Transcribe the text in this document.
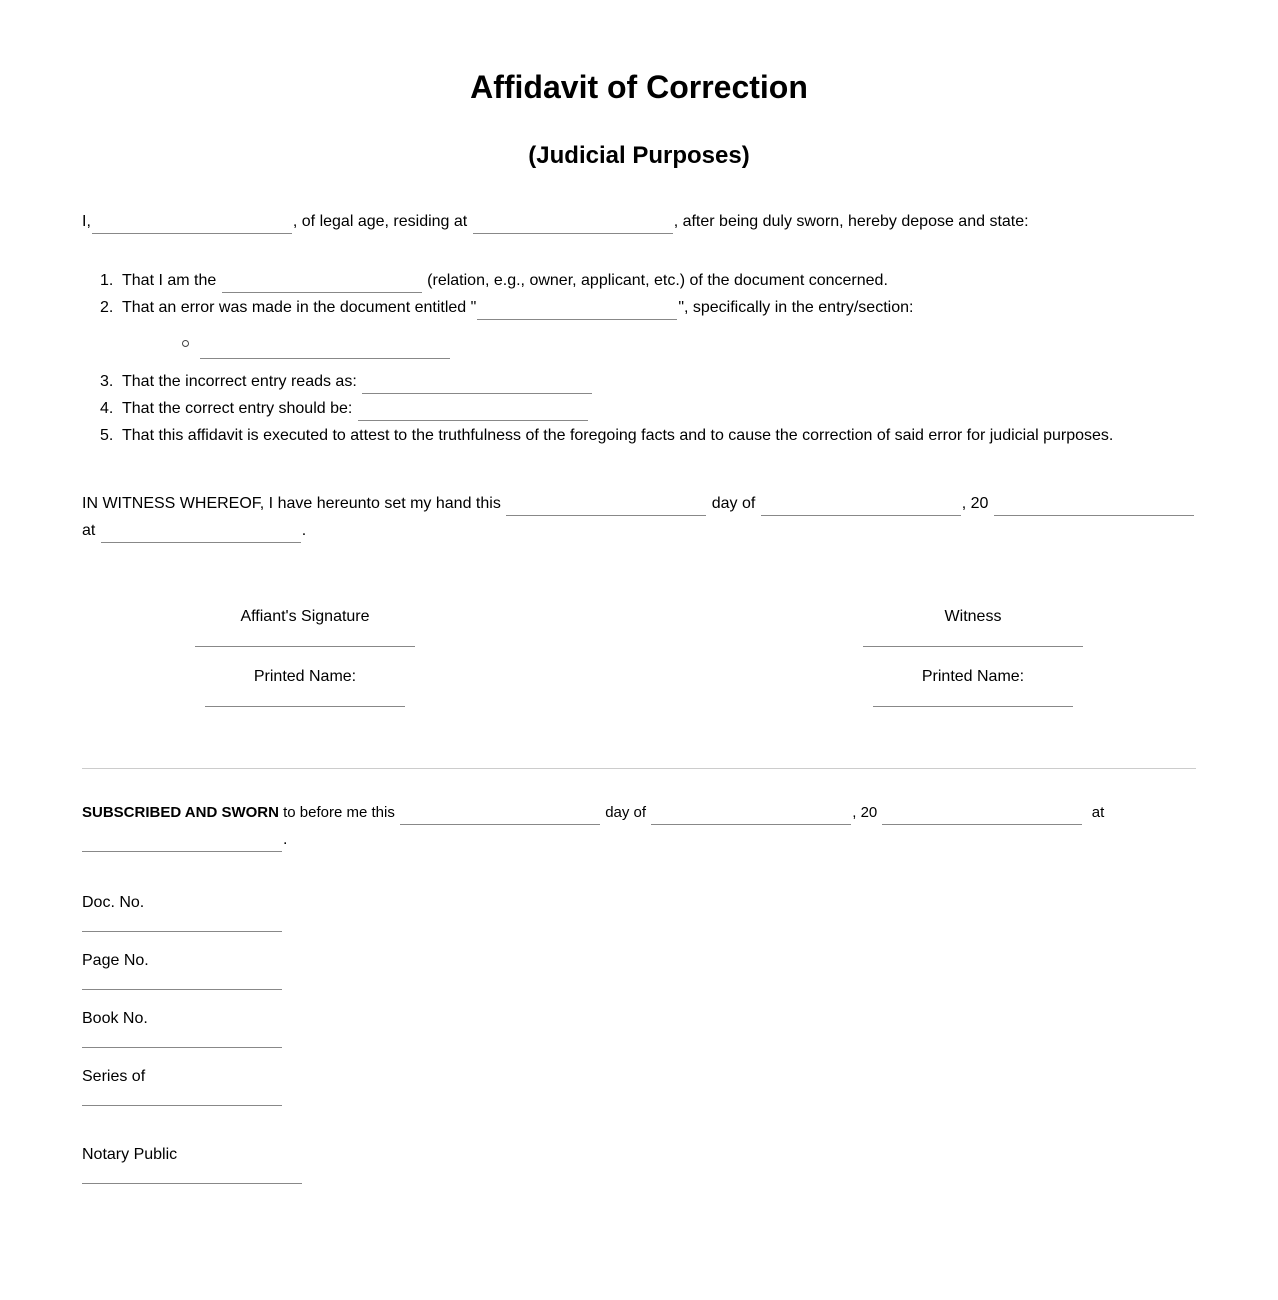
Affidavit of Correction
(Judicial Purposes)
I,	, of legal age, residing at	, after being duly sworn, hereby depose and state:
1. That I am the	(relation, e.g., owner, applicant, etc.) of the document concerned.
2. That an error was made in the document entitled "	", specifically in the entry/section:
3. That the incorrect entry reads as:
4. That the correct entry should be:
5. That this affidavit is executed to attest to the truthfulness of the foregoing facts and to cause the correction of said error for judicial purposes.
IN WITNESS WHEREOF, I have hereunto set my hand this	day of	, 20
at	.
Affiant's Signature
Printed Name:
Witness
Printed Name:
SUBSCRIBED AND SWORN to before me this	day of	, 20	at
.
Doc. No.
Page No.
Book No.
Series of
Notary Public
